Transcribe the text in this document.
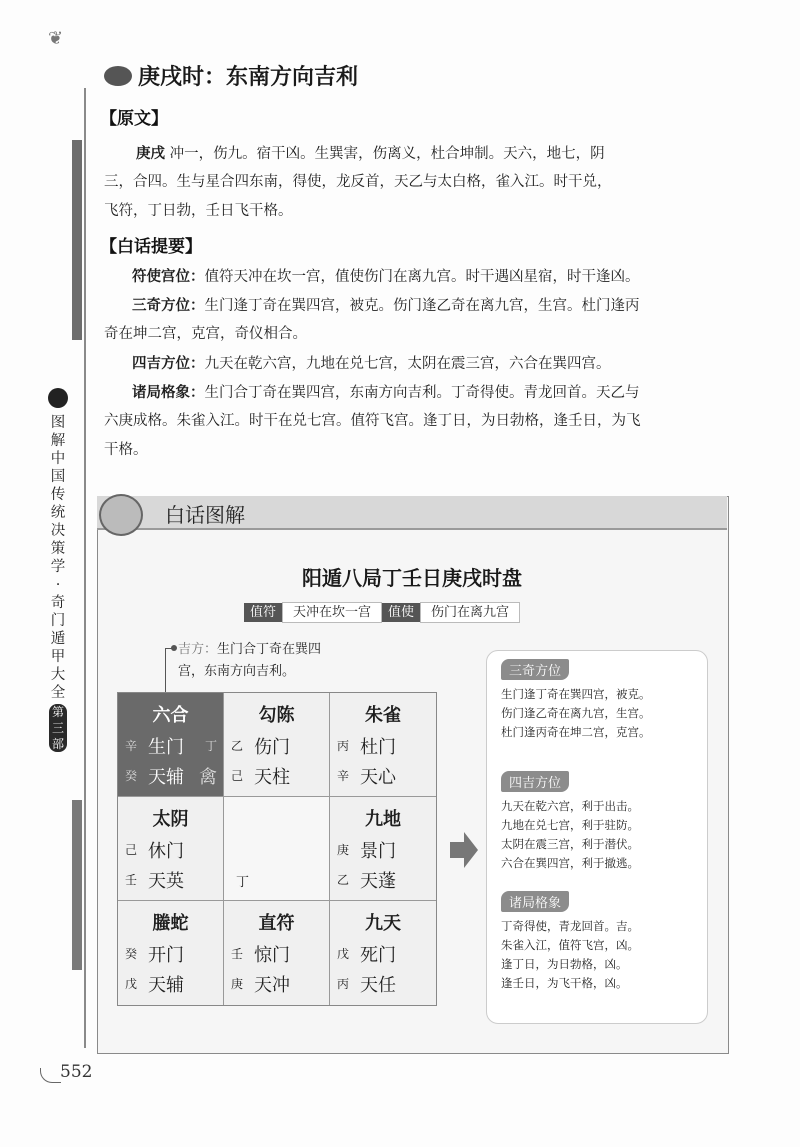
❦
图解中国传统决策学·奇门遁甲大全
第三部
庚戌时：东南方向吉利
【原文】
庚戌 冲一，伤九。宿干凶。生巽害，伤离义，杜合坤制。天六，地七，阴
三，合四。生与星合四东南，得使，龙反首，天乙与太白格，雀入江。时干兑，
飞符，丁日勃，壬日飞干格。
【白话提要】
符使宫位：值符天冲在坎一宫，值使伤门在离九宫。时干遇凶星宿，时干逢凶。
三奇方位：生门逢丁奇在巽四宫，被克。伤门逢乙奇在离九宫，生宫。杜门逢丙
奇在坤二宫，克宫，奇仪相合。
四吉方位：九天在乾六宫，九地在兑七宫，太阴在震三宫，六合在巽四宫。
诸局格象：生门合丁奇在巽四宫，东南方向吉利。丁奇得使。青龙回首。天乙与
六庚成格。朱雀入江。时干在兑七宫。值符飞宫。逢丁日，为日勃格，逢壬日，为飞
干格。
白话图解
阳遁八局丁壬日庚戌时盘
值符 天冲在坎一宫 值使 伤门在离九宫
吉方：生门合丁奇在巽四
宫，东南方向吉利。
六合
辛 生门 丁
癸 天辅 禽
勾陈
乙 伤门
己 天柱
朱雀
丙 杜门
辛 天心
太阴
己 休门
壬 天英	丁
九地
庚 景门
乙 天蓬
螣蛇
癸 开门
戊 天辅
直符
壬 惊门
庚 天冲
九天
戊 死门
丙 天任
三奇方位
生门逢丁奇在巽四宫，被克。
伤门逢乙奇在离九宫，生宫。
杜门逢丙奇在坤二宫，克宫。
四吉方位
九天在乾六宫，利于出击。
九地在兑七宫，利于驻防。
太阴在震三宫，利于潜伏。
六合在巽四宫，利于撤逃。
诸局格象
丁奇得使，青龙回首。吉。
朱雀入江，值符飞宫，凶。
逢丁日，为日勃格，凶。
逢壬日，为飞干格，凶。
552
